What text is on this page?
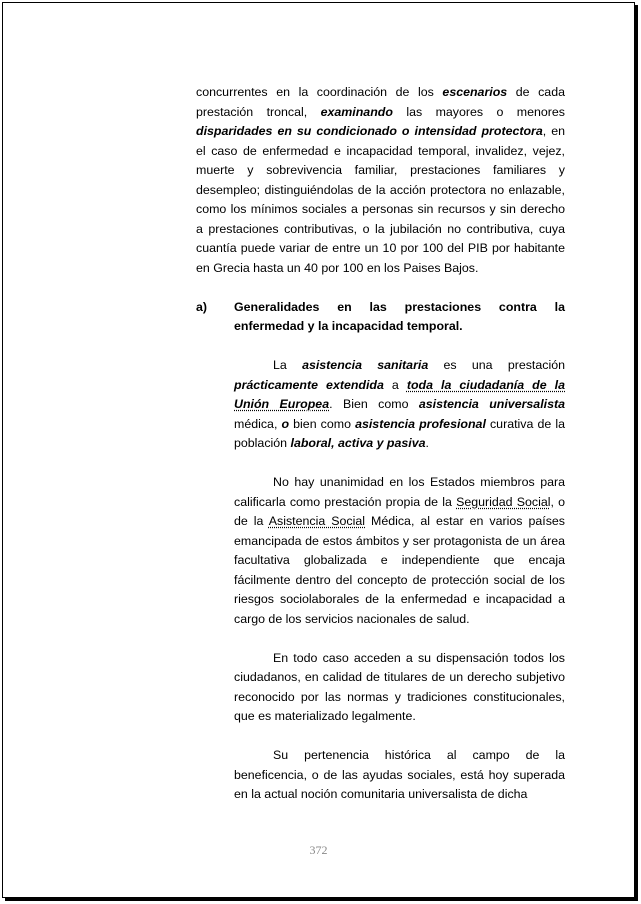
concurrentes en la coordinación de los escenarios de cada prestación troncal, examinando las mayores o menores disparidades en su condicionado o intensidad protectora, en el caso de enfermedad e incapacidad temporal, invalidez, vejez, muerte y sobrevivencia familiar, prestaciones familiares y desempleo; distinguiéndolas de la acción protectora no enlazable, como los mínimos sociales a personas sin recursos y sin derecho a prestaciones contributivas, o la jubilación no contributiva, cuya cuantía puede variar de entre un 10 por 100 del PIB por habitante en Grecia hasta un 40 por 100 en los Paises Bajos.

a)	Generalidades en las prestaciones contra la enfermedad y la incapacidad temporal.

La asistencia sanitaria es una prestación prácticamente extendida a toda la ciudadanía de la Unión Europea. Bien como asistencia universalista médica, o bien como asistencia profesional curativa de la población laboral, activa y pasiva.

No hay unanimidad en los Estados miembros para calificarla como prestación propia de la Seguridad Social, o de la Asistencia Social Médica, al estar en varios países emancipada de estos ámbitos y ser protagonista de un área facultativa globalizada e independiente que encaja fácilmente dentro del concepto de protección social de los riesgos sociolaborales de la enfermedad e incapacidad a cargo de los servicios nacionales de salud.

En todo caso acceden a su dispensación todos los ciudadanos, en calidad de titulares de un derecho subjetivo reconocido por las normas y tradiciones constitucionales, que es materializado legalmente.

Su pertenencia histórica al campo de la beneficencia, o de las ayudas sociales, está hoy superada en la actual noción comunitaria universalista de dicha

372
